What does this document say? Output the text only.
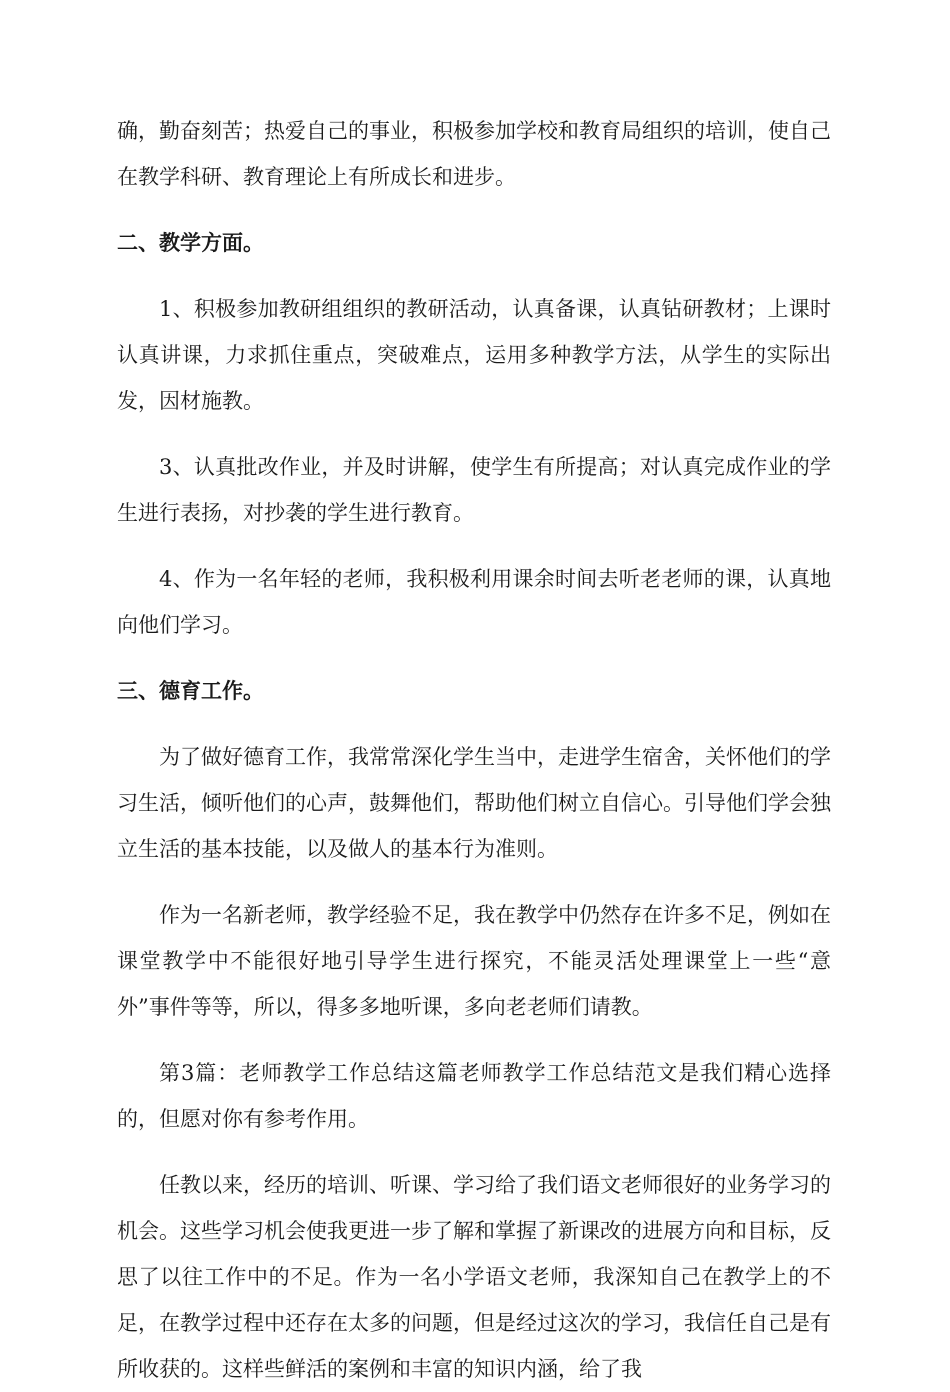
确，勤奋刻苦；热爱自己的事业，积极参加学校和教育局组织的培训，使自己在教学科研、教育理论上有所成长和进步。

二、教学方面。

1、积极参加教研组组织的教研活动，认真备课，认真钻研教材；上课时认真讲课，力求抓住重点，突破难点，运用多种教学方法，从学生的实际出发，因材施教。

3、认真批改作业，并及时讲解，使学生有所提高；对认真完成作业的学生进行表扬，对抄袭的学生进行教育。

4、作为一名年轻的老师，我积极利用课余时间去听老老师的课，认真地向他们学习。

三、德育工作。

为了做好德育工作，我常常深化学生当中，走进学生宿舍，关怀他们的学习生活，倾听他们的心声，鼓舞他们，帮助他们树立自信心。引导他们学会独立生活的基本技能，以及做人的基本行为准则。

作为一名新老师，教学经验不足，我在教学中仍然存在许多不足，例如在课堂教学中不能很好地引导学生进行探究，不能灵活处理课堂上一些“意外”事件等等，所以，得多多地听课，多向老老师们请教。

第3篇：老师教学工作总结这篇老师教学工作总结范文是我们精心选择的，但愿对你有参考作用。

任教以来，经历的培训、听课、学习给了我们语文老师很好的业务学习的机会。这些学习机会使我更进一步了解和掌握了新课改的进展方向和目标，反思了以往工作中的不足。作为一名小学语文老师，我深知自己在教学上的不足，在教学过程中还存在太多的问题，但是经过这次的学习，我信任自己是有所收获的。这样些鲜活的案例和丰富的知识内涵，给了我
